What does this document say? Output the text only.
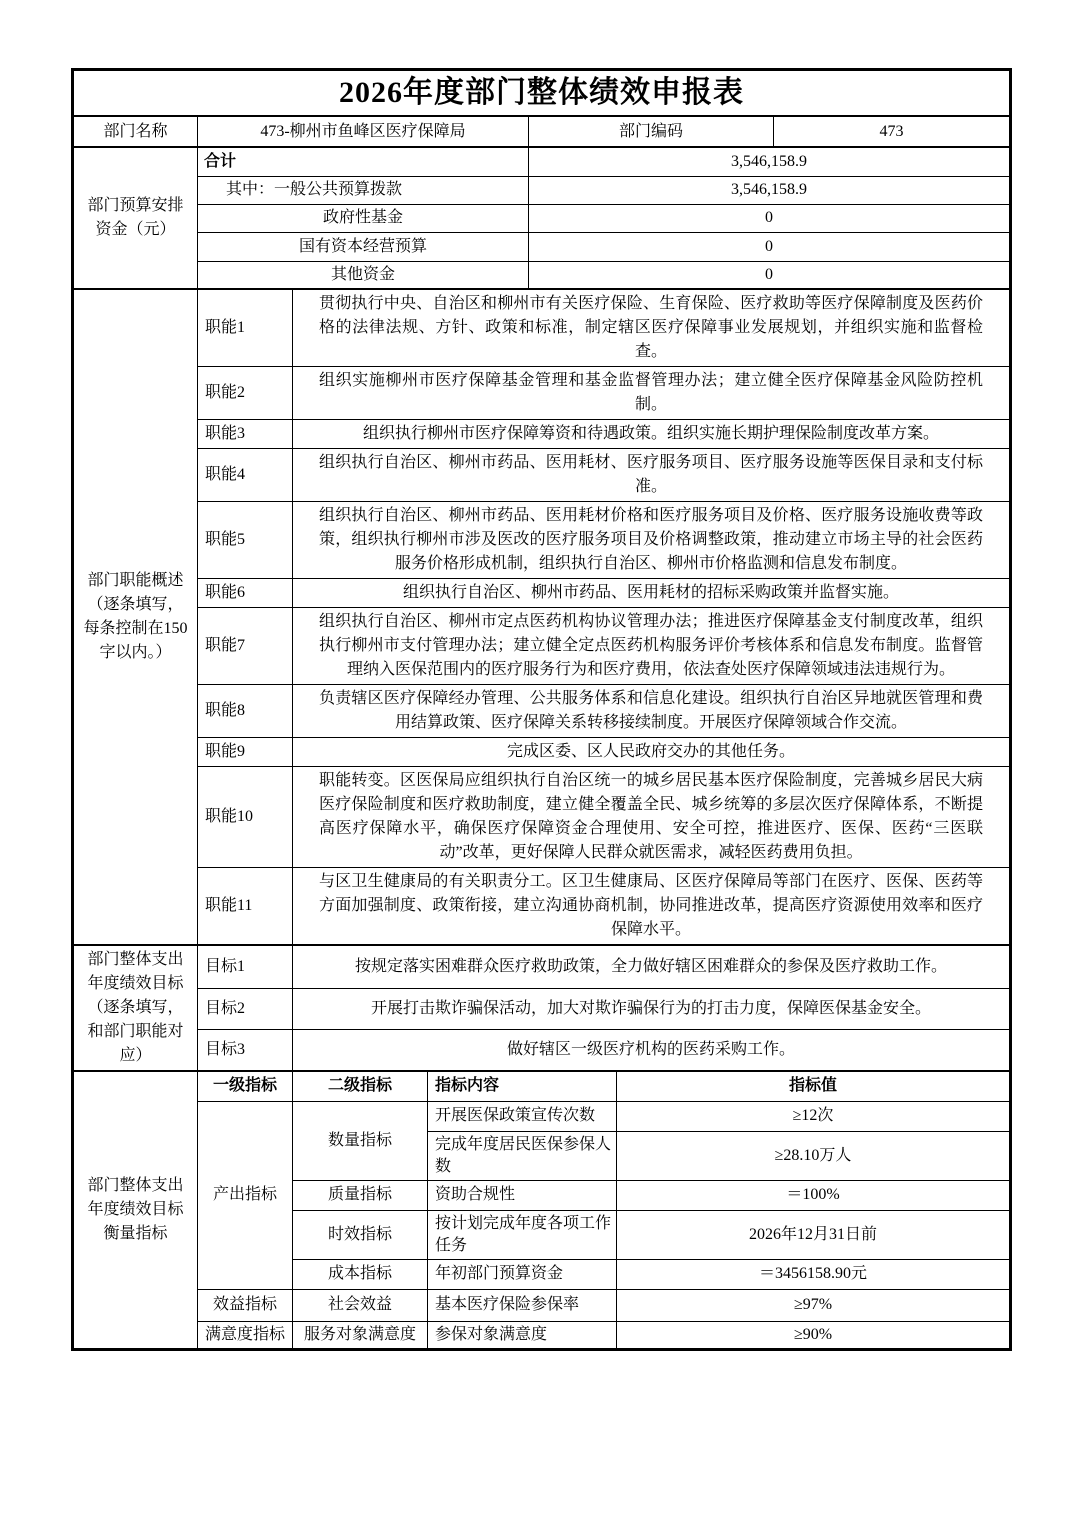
2026年度部门整体绩效申报表						
部门名称	473-柳州市鱼峰区医疗保障局			部门编码		473
部门预算安排资金（元）	合计			3,546,158.9		
	其中：一般公共预算拨款			3,546,158.9		
	政府性基金			0		
	国有资本经营预算			0		
	其他资金			0		
部门职能概述（逐条填写，每条控制在150字以内。）	职能1	贯彻执行中央、自治区和柳州市有关医疗保险、生育保险、医疗救助等医疗保障制度及医药价格的法律法规、方针、政策和标准，制定辖区医疗保障事业发展规划，并组织实施和监督检查。				
	职能2	组织实施柳州市医疗保障基金管理和基金监督管理办法；建立健全医疗保障基金风险防控机制。				
	职能3	组织执行柳州市医疗保障筹资和待遇政策。组织实施长期护理保险制度改革方案。				
	职能4	组织执行自治区、柳州市药品、医用耗材、医疗服务项目、医疗服务设施等医保目录和支付标准。				
	职能5	组织执行自治区、柳州市药品、医用耗材价格和医疗服务项目及价格、医疗服务设施收费等政策，组织执行柳州市涉及医改的医疗服务项目及价格调整政策，推动建立市场主导的社会医药服务价格形成机制，组织执行自治区、柳州市价格监测和信息发布制度。				
	职能6	组织执行自治区、柳州市药品、医用耗材的招标采购政策并监督实施。				
	职能7	组织执行自治区、柳州市定点医药机构协议管理办法；推进医疗保障基金支付制度改革，组织执行柳州市支付管理办法；建立健全定点医药机构服务评价考核体系和信息发布制度。监督管理纳入医保范围内的医疗服务行为和医疗费用，依法查处医疗保障领域违法违规行为。				
	职能8	负责辖区医疗保障经办管理、公共服务体系和信息化建设。组织执行自治区异地就医管理和费用结算政策、医疗保障关系转移接续制度。开展医疗保障领域合作交流。				
	职能9	完成区委、区人民政府交办的其他任务。				
	职能10	职能转变。区医保局应组织执行自治区统一的城乡居民基本医疗保险制度，完善城乡居民大病医疗保险制度和医疗救助制度，建立健全覆盖全民、城乡统筹的多层次医疗保障体系，不断提高医疗保障水平，确保医疗保障资金合理使用、安全可控，推进医疗、医保、医药“三医联动”改革，更好保障人民群众就医需求，减轻医药费用负担。				
	职能11	与区卫生健康局的有关职责分工。区卫生健康局、区医疗保障局等部门在医疗、医保、医药等方面加强制度、政策衔接，建立沟通协商机制，协同推进改革，提高医疗资源使用效率和医疗保障水平。				
部门整体支出年度绩效目标（逐条填写，和部门职能对应）	目标1	按规定落实困难群众医疗救助政策，全力做好辖区困难群众的参保及医疗救助工作。				
	目标2	开展打击欺诈骗保活动，加大对欺诈骗保行为的打击力度，保障医保基金安全。				
	目标3	做好辖区一级医疗机构的医药采购工作。				
部门整体支出年度绩效目标衡量指标	一级指标	二级指标	指标内容		指标值	
	产出指标	数量指标	开展医保政策宣传次数		≥12次	
			完成年度居民医保参保人数		≥28.10万人	
		质量指标	资助合规性		＝100%	
		时效指标	按计划完成年度各项工作任务		2026年12月31日前	
		成本指标	年初部门预算资金		＝3456158.90元	
	效益指标	社会效益	基本医疗保险参保率		≥97%	
	满意度指标	服务对象满意度	参保对象满意度		≥90%	
